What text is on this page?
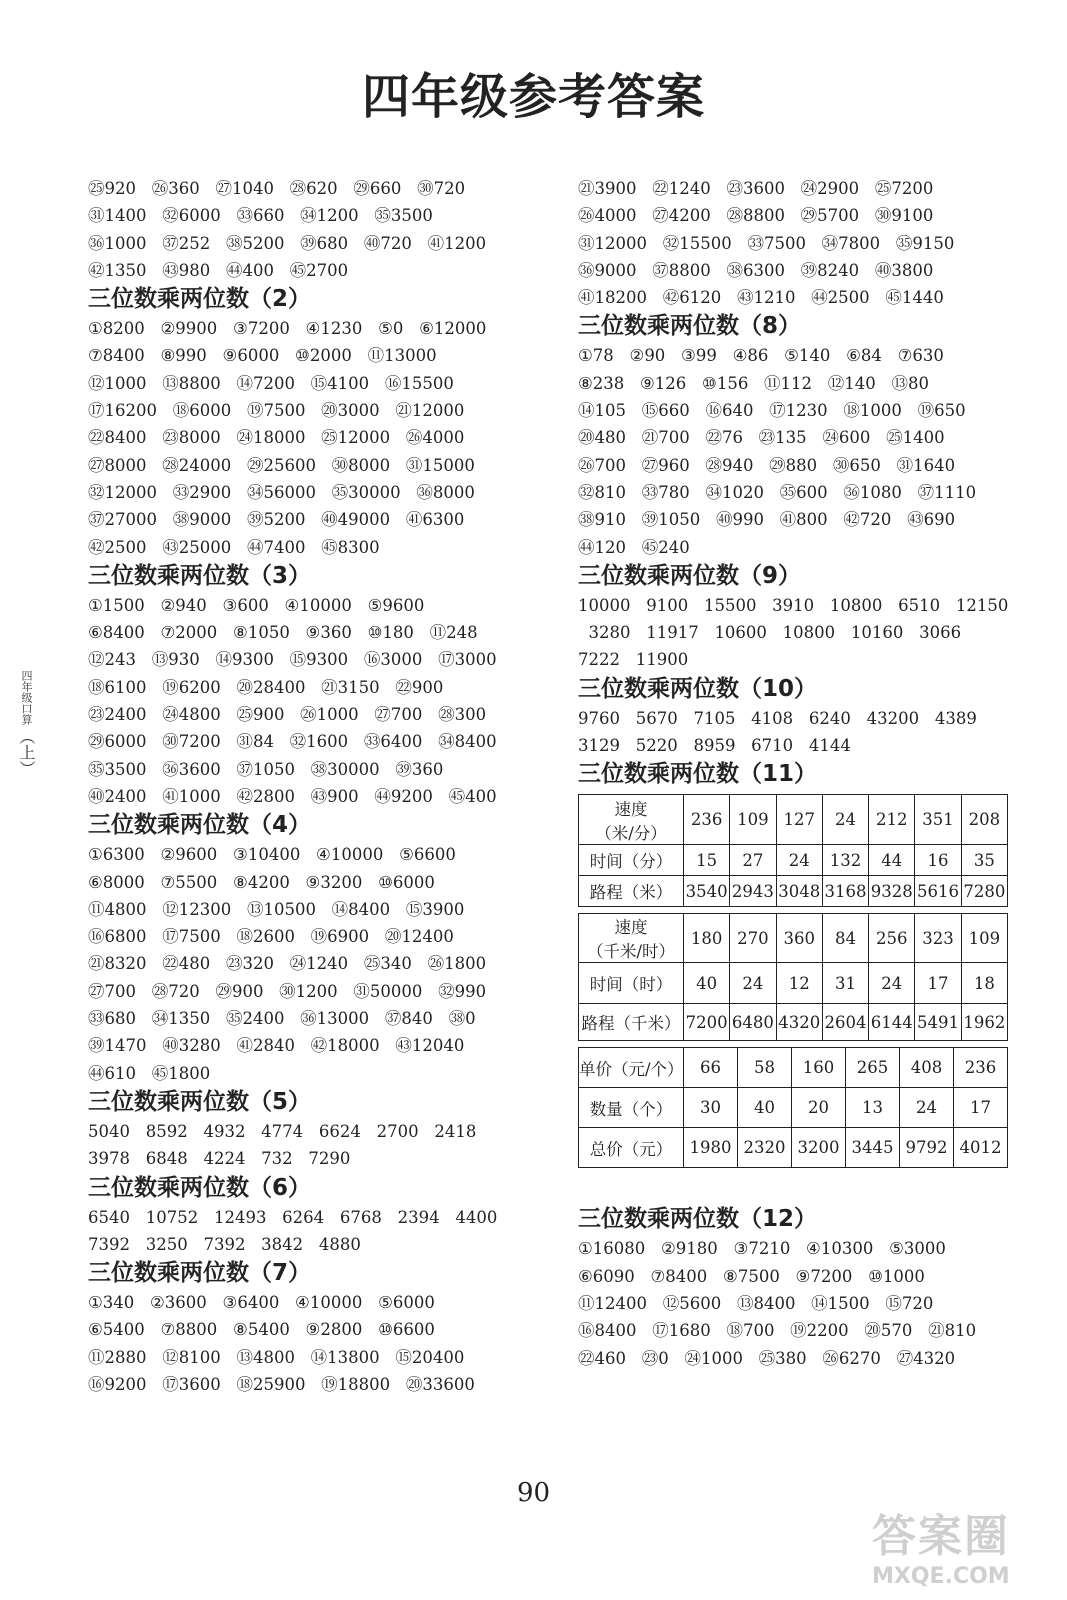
四年级参考答案
四年级口算 （上）
㉕920   ㉖360   ㉗1040   ㉘620   ㉙660   ㉚720
㉛1400   ㉜6000   ㉝660   ㉞1200   ㉟3500
㊱1000   ㊲252   ㊳5200   ㊴680   ㊵720   ㊶1200
㊷1350   ㊸980   ㊹400   ㊺2700
三位数乘两位数（2）
①8200   ②9900   ③7200   ④1230   ⑤0   ⑥12000
⑦8400   ⑧990   ⑨6000   ⑩2000   ⑪13000
⑫1000   ⑬8800   ⑭7200   ⑮4100   ⑯15500
⑰16200   ⑱6000   ⑲7500   ⑳3000   ㉑12000
㉒8400   ㉓8000   ㉔18000   ㉕12000   ㉖4000
㉗8000   ㉘24000   ㉙25600   ㉚8000   ㉛15000
㉜12000   ㉝2900   ㉞56000   ㉟30000   ㊱8000
㊲27000   ㊳9000   ㊴5200   ㊵49000   ㊶6300
㊷2500   ㊸25000   ㊹7400   ㊺8300
三位数乘两位数（3）
①1500   ②940   ③600   ④10000   ⑤9600
⑥8400   ⑦2000   ⑧1050   ⑨360   ⑩180   ⑪248
⑫243   ⑬930   ⑭9300   ⑮9300   ⑯3000   ⑰3000
⑱6100   ⑲6200   ⑳28400   ㉑3150   ㉒900
㉓2400   ㉔4800   ㉕900   ㉖1000   ㉗700   ㉘300
㉙6000   ㉚7200   ㉛84   ㉜1600   ㉝6400   ㉞8400
㉟3500   ㊱3600   ㊲1050   ㊳30000   ㊴360
㊵2400   ㊶1000   ㊷2800   ㊸900   ㊹9200   ㊺400
三位数乘两位数（4）
①6300   ②9600   ③10400   ④10000   ⑤6600
⑥8000   ⑦5500   ⑧4200   ⑨3200   ⑩6000
⑪4800   ⑫12300   ⑬10500   ⑭8400   ⑮3900
⑯6800   ⑰7500   ⑱2600   ⑲6900   ⑳12400
㉑8320   ㉒480   ㉓320   ㉔1240   ㉕340   ㉖1800
㉗700   ㉘720   ㉙900   ㉚1200   ㉛50000   ㉜990
㉝680   ㉞1350   ㉟2400   ㊱13000   ㊲840   ㊳0
㊴1470   ㊵3280   ㊶2840   ㊷18000   ㊸12040
㊹610   ㊺1800
三位数乘两位数（5）
5040   8592   4932   4774   6624   2700   2418
3978   6848   4224   732   7290
三位数乘两位数（6）
6540   10752   12493   6264   6768   2394   4400
7392   3250   7392   3842   4880
三位数乘两位数（7）
①340   ②3600   ③6400   ④10000   ⑤6000
⑥5400   ⑦8800   ⑧5400   ⑨2800   ⑩6600
⑪2880   ⑫8100   ⑬4800   ⑭13800   ⑮20400
⑯9200   ⑰3600   ⑱25900   ⑲18800   ⑳33600
㉑3900   ㉒1240   ㉓3600   ㉔2900   ㉕7200
㉖4000   ㉗4200   ㉘8800   ㉙5700   ㉚9100
㉛12000   ㉜15500   ㉝7500   ㉞7800   ㉟9150
㊱9000   ㊲8800   ㊳6300   ㊴8240   ㊵3800
㊶18200   ㊷6120   ㊸1210   ㊹2500   ㊺1440
三位数乘两位数（8）
①78   ②90   ③99   ④86   ⑤140   ⑥84   ⑦630
⑧238   ⑨126   ⑩156   ⑪112   ⑫140   ⑬80
⑭105   ⑮660   ⑯640   ⑰1230   ⑱1000   ⑲650
⑳480   ㉑700   ㉒76   ㉓135   ㉔600   ㉕1400
㉖700   ㉗960   ㉘940   ㉙880   ㉚650   ㉛1640
㉜810   ㉝780   ㉞1020   ㉟600   ㊱1080   ㊲1110
㊳910   ㊴1050   ㊵990   ㊶800   ㊷720   ㊸690
㊹120   ㊺240
三位数乘两位数（9）
10000   9100   15500   3910   10800   6510   12150
3280   11917   10600   10800   10160   3066
7222   11900
三位数乘两位数（10）
9760   5670   7105   4108   6240   43200   4389
3129   5220   8959   6710   4144
三位数乘两位数（11）
速度
（米/分）	236	109	127	24	212	351	208
时间（分）	15	27	24	132	44	16	35
路程（米）	3540	2943	3048	3168	9328	5616	7280
速度
（千米/时）	180	270	360	84	256	323	109
时间（时）	40	24	12	31	24	17	18
路程（千米）	7200	6480	4320	2604	6144	5491	1962
单价（元/个）	66	58	160	265	408	236
数量（个）	30	40	20	13	24	17
总价（元）	1980	2320	3200	3445	9792	4012
三位数乘两位数（12）
①16080   ②9180   ③7210   ④10300   ⑤3000
⑥6090   ⑦8400   ⑧7500   ⑨7200   ⑩1000
⑪12400   ⑫5600   ⑬8400   ⑭1500   ⑮720
⑯8400   ⑰1680   ⑱700   ⑲2200   ⑳570   ㉑810
㉒460   ㉓0   ㉔1000   ㉕380   ㉖6270   ㉗4320
90
答案圈
MXQE.COM
